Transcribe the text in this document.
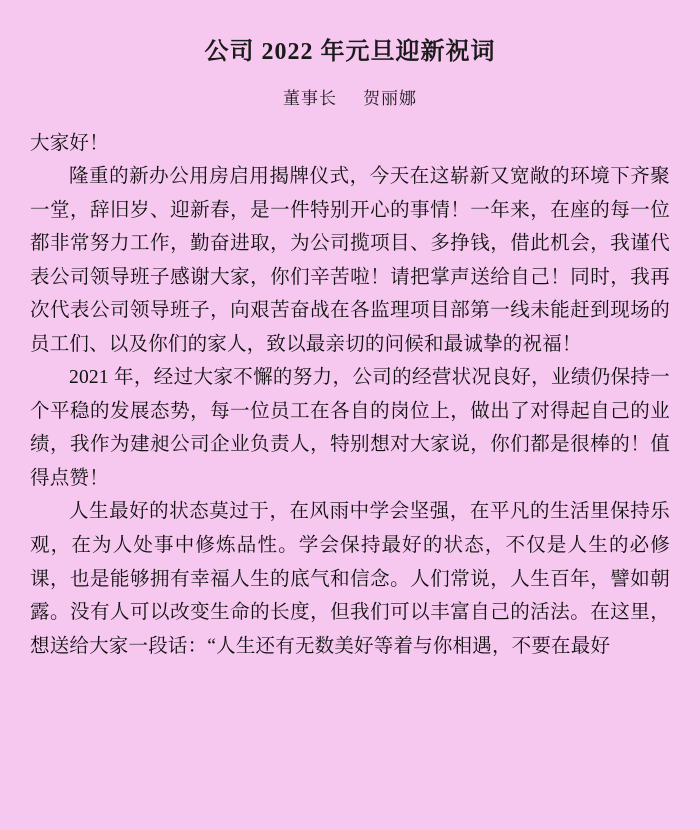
公司 2022 年元旦迎新祝词
董事长 贺丽娜

大家好！

隆重的新办公用房启用揭牌仪式，今天在这崭新又宽敞的环境下齐聚一堂，辞旧岁、迎新春，是一件特别开心的事情！一年来，在座的每一位都非常努力工作，勤奋进取，为公司揽项目、多挣钱，借此机会，我谨代表公司领导班子感谢大家，你们辛苦啦！请把掌声送给自己！同时，我再次代表公司领导班子，向艰苦奋战在各监理项目部第一线未能赶到现场的员工们、以及你们的家人，致以最亲切的问候和最诚挚的祝福！

2021 年，经过大家不懈的努力，公司的经营状况良好，业绩仍保持一个平稳的发展态势，每一位员工在各自的岗位上，做出了对得起自己的业绩，我作为建昶公司企业负责人，特别想对大家说，你们都是很棒的！值得点赞！

人生最好的状态莫过于，在风雨中学会坚强，在平凡的生活里保持乐观，在为人处事中修炼品性。学会保持最好的状态，不仅是人生的必修课，也是能够拥有幸福人生的底气和信念。人们常说，人生百年，譬如朝露。没有人可以改变生命的长度，但我们可以丰富自己的活法。在这里，想送给大家一段话：“人生还有无数美好等着与你相遇，不要在最好
